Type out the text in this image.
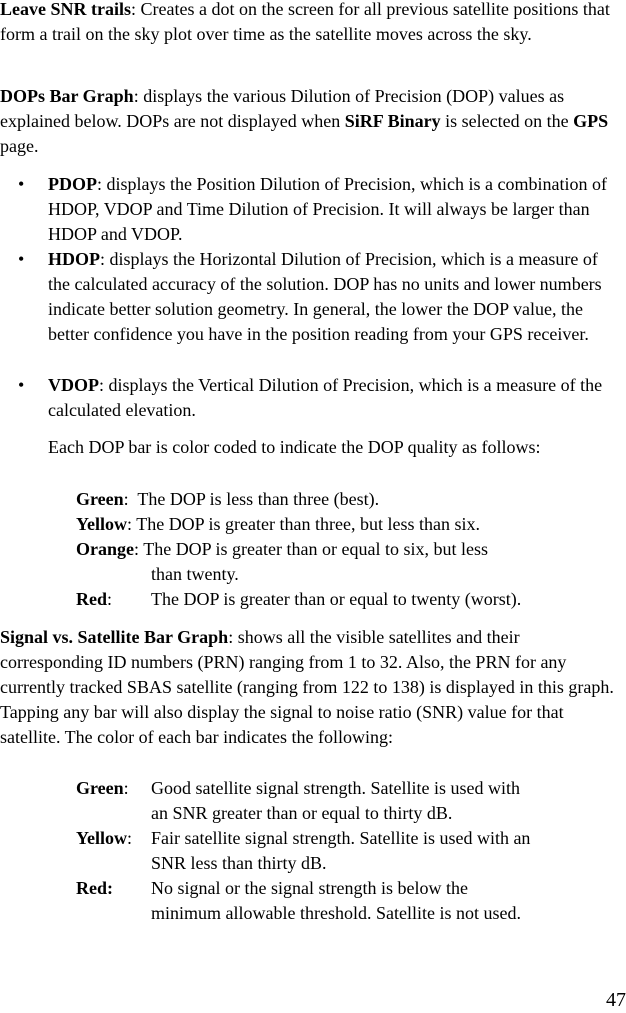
Leave SNR trails: Creates a dot on the screen for all previous satellite positions that form a trail on the sky plot over time as the satellite moves across the sky.

DOPs Bar Graph: displays the various Dilution of Precision (DOP) values as explained below. DOPs are not displayed when SiRF Binary is selected on the GPS page.

• PDOP: displays the Position Dilution of Precision, which is a combination of HDOP, VDOP and Time Dilution of Precision. It will always be larger than HDOP and VDOP.

• HDOP: displays the Horizontal Dilution of Precision, which is a measure of the calculated accuracy of the solution. DOP has no units and lower numbers indicate better solution geometry. In general, the lower the DOP value, the better confidence you have in the position reading from your GPS receiver.

• VDOP: displays the Vertical Dilution of Precision, which is a measure of the calculated elevation.

Each DOP bar is color coded to indicate the DOP quality as follows:

Green: The DOP is less than three (best).

Yellow: The DOP is greater than three, but less than six.

Orange: The DOP is greater than or equal to six, but less
than twenty.

Red: The DOP is greater than or equal to twenty (worst).

Signal vs. Satellite Bar Graph: shows all the visible satellites and their corresponding ID numbers (PRN) ranging from 1 to 32. Also, the PRN for any currently tracked SBAS satellite (ranging from 122 to 138) is displayed in this graph. Tapping any bar will also display the signal to noise ratio (SNR) value for that satellite. The color of each bar indicates the following:

Green: Good satellite signal strength. Satellite is used with
an SNR greater than or equal to thirty dB.

Yellow: Fair satellite signal strength. Satellite is used with an
SNR less than thirty dB.

Red: No signal or the signal strength is below the
minimum allowable threshold. Satellite is not used.

47
